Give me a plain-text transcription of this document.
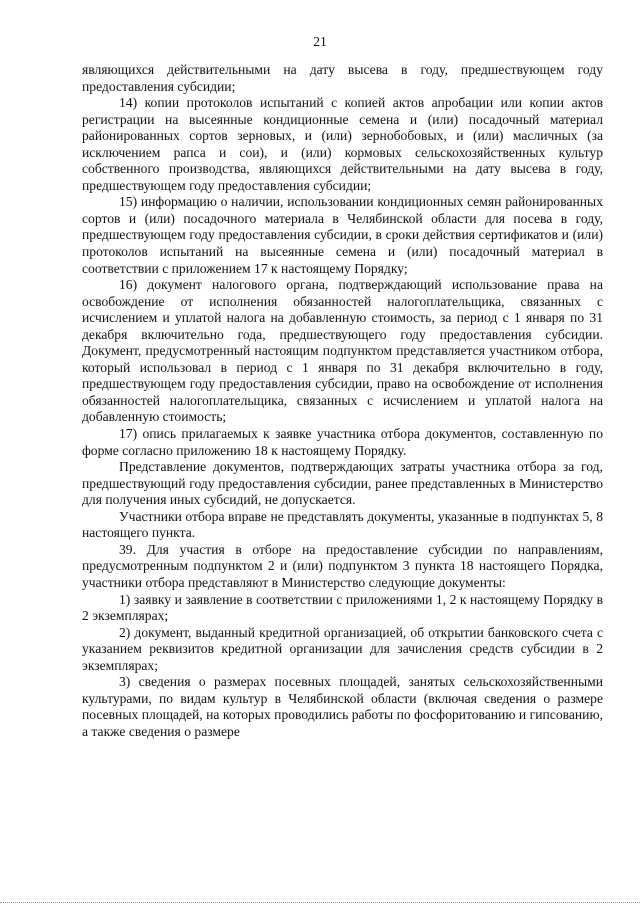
21

являющихся действительными на дату высева в году, предшествующем году предоставления субсидии;

14) копии протоколов испытаний с копией актов апробации или копии актов регистрации на высеянные кондиционные семена и (или) посадочный материал районированных сортов зерновых, и (или) зернобобовых, и (или) масличных (за исключением рапса и сои), и (или) кормовых сельскохозяйственных культур собственного производства, являющихся действительными на дату высева в году, предшествующем году предоставления субсидии;

15) информацию о наличии, использовании кондиционных семян районированных сортов и (или) посадочного материала в Челябинской области для посева в году, предшествующем году предоставления субсидии, в сроки действия сертификатов и (или) протоколов испытаний на высеянные семена и (или) посадочный материал в соответствии с приложением 17 к настоящему Порядку;

16) документ налогового органа, подтверждающий использование права на освобождение от исполнения обязанностей налогоплательщика, связанных с исчислением и уплатой налога на добавленную стоимость, за период с 1 января по 31 декабря включительно года, предшествующего году предоставления субсидии. Документ, предусмотренный настоящим подпунктом представляется участником отбора, который использовал в период с 1 января по 31 декабря включительно в году, предшествующем году предоставления субсидии, право на освобождение от исполнения обязанностей налогоплательщика, связанных с исчислением и уплатой налога на добавленную стоимость;

17) опись прилагаемых к заявке участника отбора документов, составленную по форме согласно приложению 18 к настоящему Порядку.

Представление документов, подтверждающих затраты участника отбора за год, предшествующий году предоставления субсидии, ранее представленных в Министерство для получения иных субсидий, не допускается.

Участники отбора вправе не представлять документы, указанные в подпунктах 5, 8 настоящего пункта.

39. Для участия в отборе на предоставление субсидии по направлениям, предусмотренным подпунктом 2 и (или) подпунктом 3 пункта 18 настоящего Порядка, участники отбора представляют в Министерство следующие документы:

1) заявку и заявление в соответствии с приложениями 1, 2 к настоящему Порядку в 2 экземплярах;

2) документ, выданный кредитной организацией, об открытии банковского счета с указанием реквизитов кредитной организации для зачисления средств субсидии в 2 экземплярах;

3) сведения о размерах посевных площадей, занятых сельскохозяйственными культурами, по видам культур в Челябинской области (включая сведения о размере посевных площадей, на которых проводились работы по фосфоритованию и гипсованию, а также сведения о размере
